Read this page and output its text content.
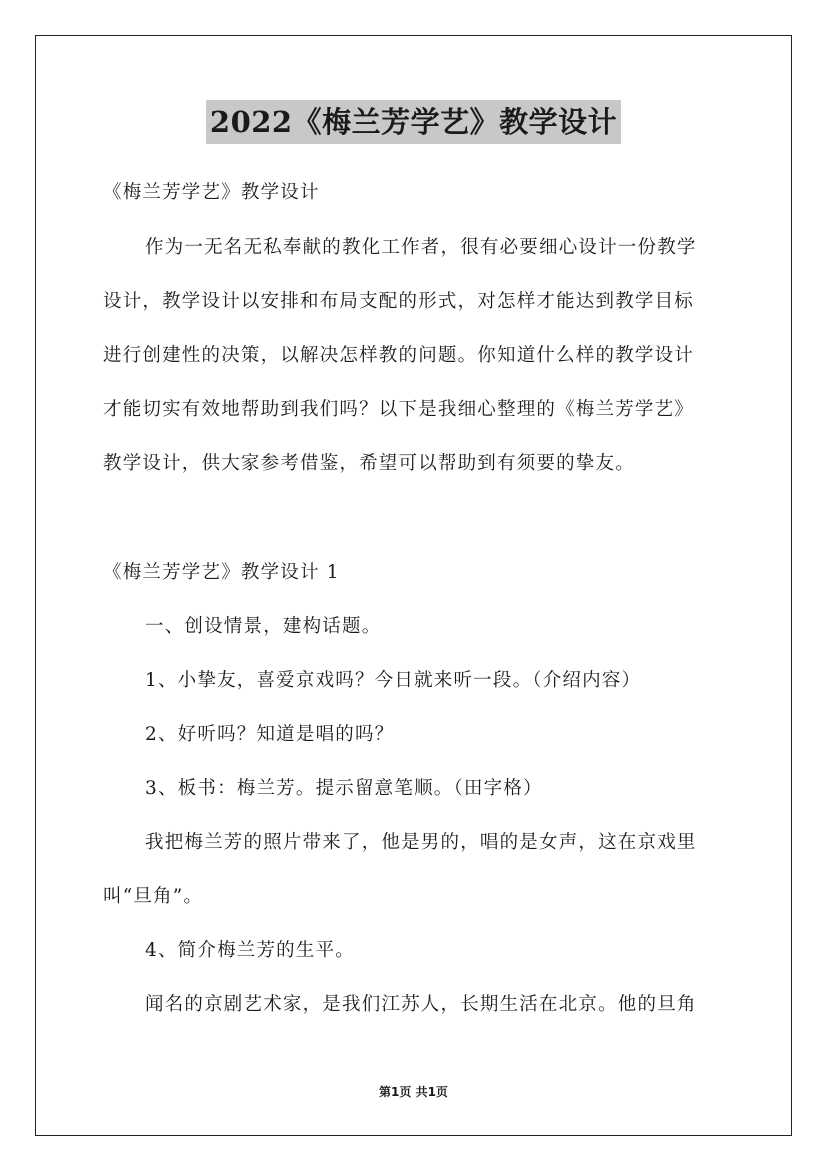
2022《梅兰芳学艺》教学设计
《梅兰芳学艺》教学设计
作为一无名无私奉献的教化工作者，很有必要细心设计一份教学
设计，教学设计以安排和布局支配的形式，对怎样才能达到教学目标
进行创建性的决策，以解决怎样教的问题。你知道什么样的教学设计
才能切实有效地帮助到我们吗？以下是我细心整理的《梅兰芳学艺》
教学设计，供大家参考借鉴，希望可以帮助到有须要的挚友。
《梅兰芳学艺》教学设计 1
一、创设情景，建构话题。
1、小挚友，喜爱京戏吗？今日就来听一段。（介绍内容）
2、好听吗？知道是唱的吗？
3、板书：梅兰芳。提示留意笔顺。（田字格）
我把梅兰芳的照片带来了，他是男的，唱的是女声，这在京戏里
叫“旦角”。
4、简介梅兰芳的生平。
闻名的京剧艺术家，是我们江苏人，长期生活在北京。他的旦角
第1页 共1页
